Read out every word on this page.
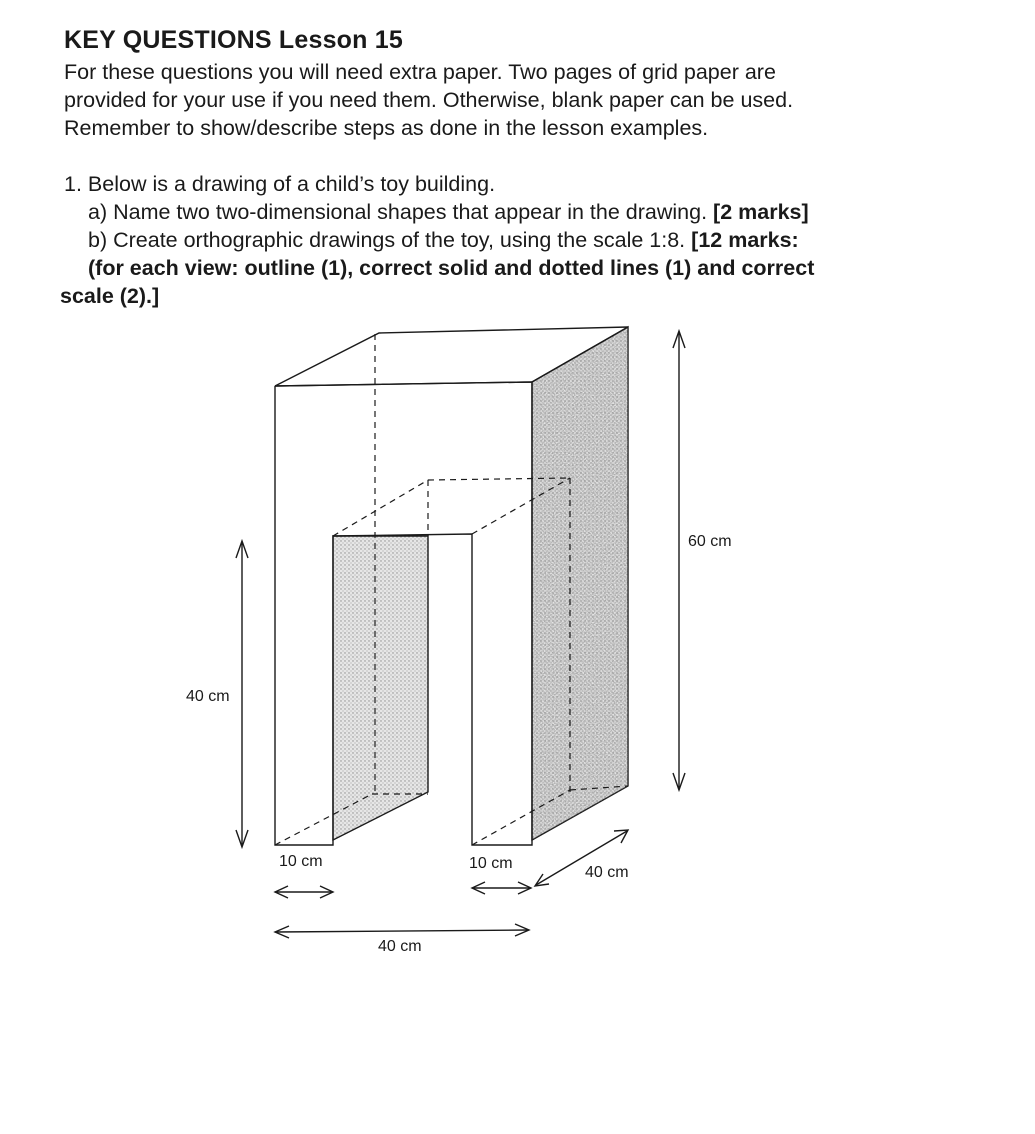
KEY QUESTIONS Lesson 15
For these questions you will need extra paper. Two pages of grid paper are
provided for your use if you need them. Otherwise, blank paper can be used.
Remember to show/describe steps as done in the lesson examples.
1. Below is a drawing of a child’s toy building.
a) Name two two-dimensional shapes that appear in the drawing. [2 marks]
b) Create orthographic drawings of the toy, using the scale 1:8. [12 marks:
(for each view: outline (1), correct solid and dotted lines (1) and correct
scale (2).]
60 cm
40 cm
10 cm	10 cm
40 cm
40 cm
